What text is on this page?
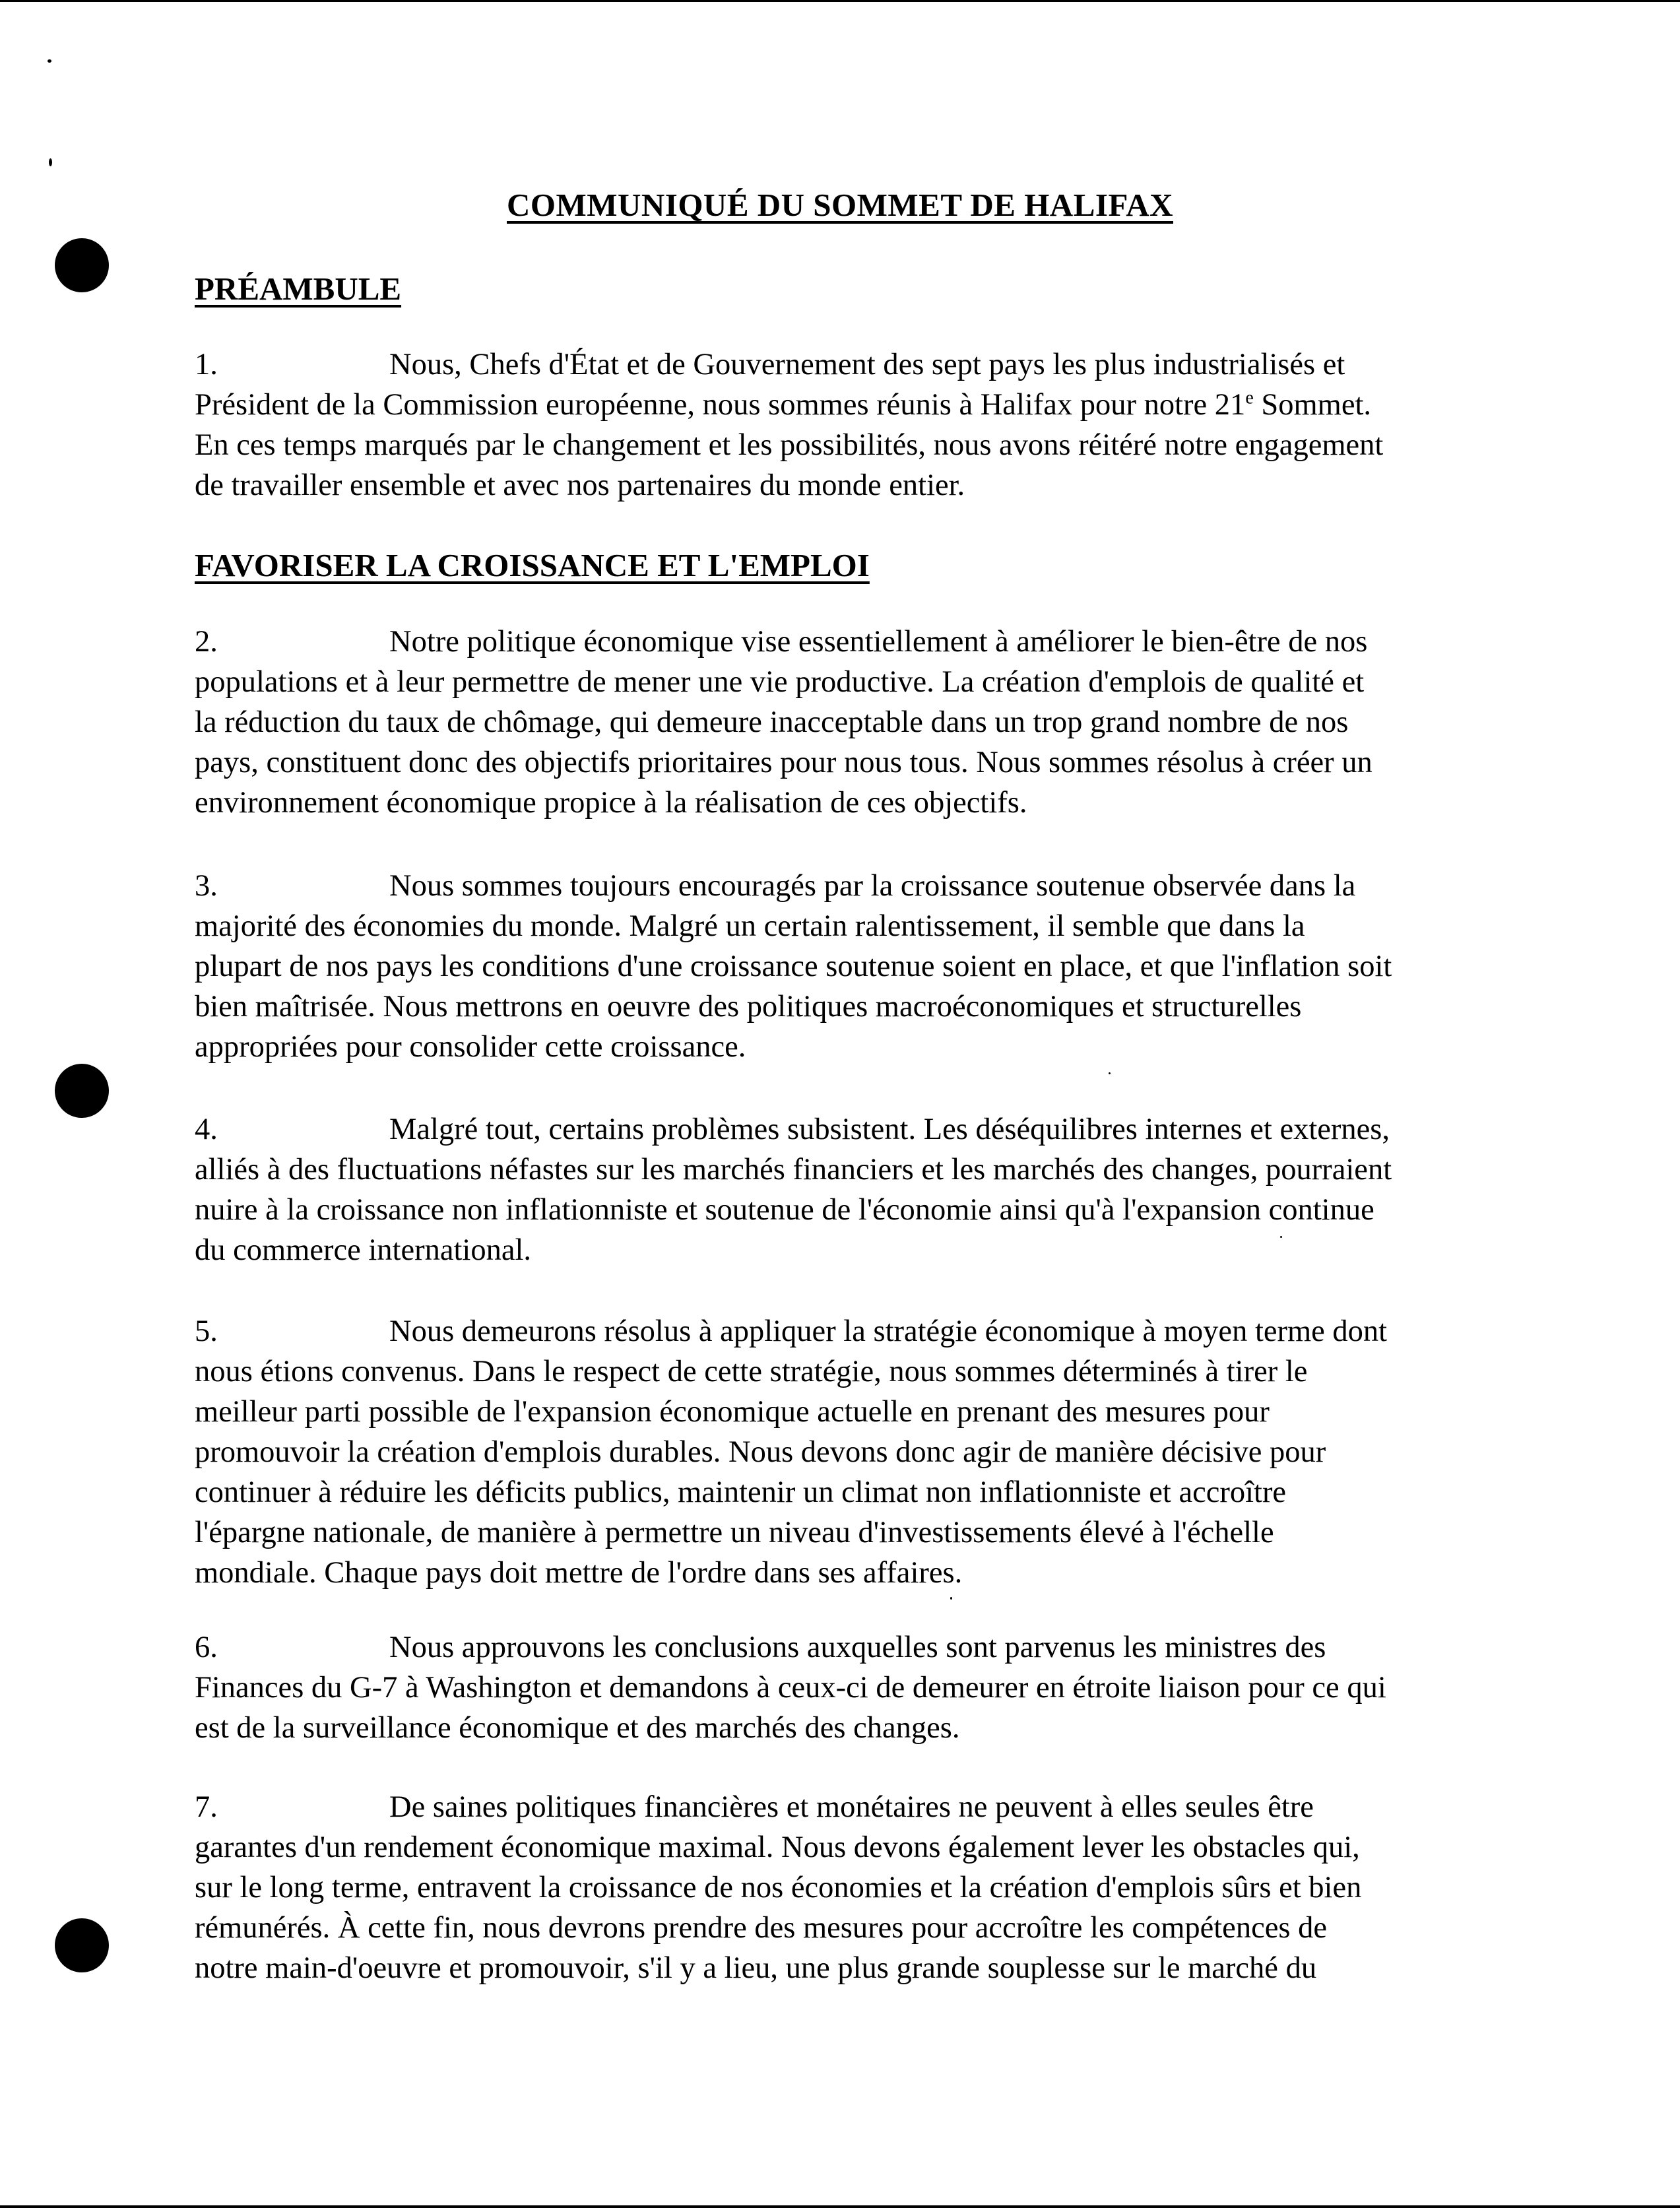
COMMUNIQUÉ DU SOMMET DE HALIFAX
PRÉAMBULE
1.	Nous, Chefs d'État et de Gouvernement des sept pays les plus industrialisés et
Président de la Commission européenne, nous sommes réunis à Halifax pour notre 21e Sommet.
En ces temps marqués par le changement et les possibilités, nous avons réitéré notre engagement
de travailler ensemble et avec nos partenaires du monde entier.
FAVORISER LA CROISSANCE ET L'EMPLOI
2.	Notre politique économique vise essentiellement à améliorer le bien-être de nos
populations et à leur permettre de mener une vie productive. La création d'emplois de qualité et
la réduction du taux de chômage, qui demeure inacceptable dans un trop grand nombre de nos
pays, constituent donc des objectifs prioritaires pour nous tous. Nous sommes résolus à créer un
environnement économique propice à la réalisation de ces objectifs.
3.	Nous sommes toujours encouragés par la croissance soutenue observée dans la
majorité des économies du monde. Malgré un certain ralentissement, il semble que dans la
plupart de nos pays les conditions d'une croissance soutenue soient en place, et que l'inflation soit
bien maîtrisée. Nous mettrons en oeuvre des politiques macroéconomiques et structurelles
appropriées pour consolider cette croissance.
4.	Malgré tout, certains problèmes subsistent. Les déséquilibres internes et externes,
alliés à des fluctuations néfastes sur les marchés financiers et les marchés des changes, pourraient
nuire à la croissance non inflationniste et soutenue de l'économie ainsi qu'à l'expansion continue
du commerce international.
5.	Nous demeurons résolus à appliquer la stratégie économique à moyen terme dont
nous étions convenus. Dans le respect de cette stratégie, nous sommes déterminés à tirer le
meilleur parti possible de l'expansion économique actuelle en prenant des mesures pour
promouvoir la création d'emplois durables. Nous devons donc agir de manière décisive pour
continuer à réduire les déficits publics, maintenir un climat non inflationniste et accroître
l'épargne nationale, de manière à permettre un niveau d'investissements élevé à l'échelle
mondiale. Chaque pays doit mettre de l'ordre dans ses affaires.
6.	Nous approuvons les conclusions auxquelles sont parvenus les ministres des
Finances du G-7 à Washington et demandons à ceux-ci de demeurer en étroite liaison pour ce qui
est de la surveillance économique et des marchés des changes.
7.	De saines politiques financières et monétaires ne peuvent à elles seules être
garantes d'un rendement économique maximal. Nous devons également lever les obstacles qui,
sur le long terme, entravent la croissance de nos économies et la création d'emplois sûrs et bien
rémunérés. À cette fin, nous devrons prendre des mesures pour accroître les compétences de
notre main-d'oeuvre et promouvoir, s'il y a lieu, une plus grande souplesse sur le marché du
